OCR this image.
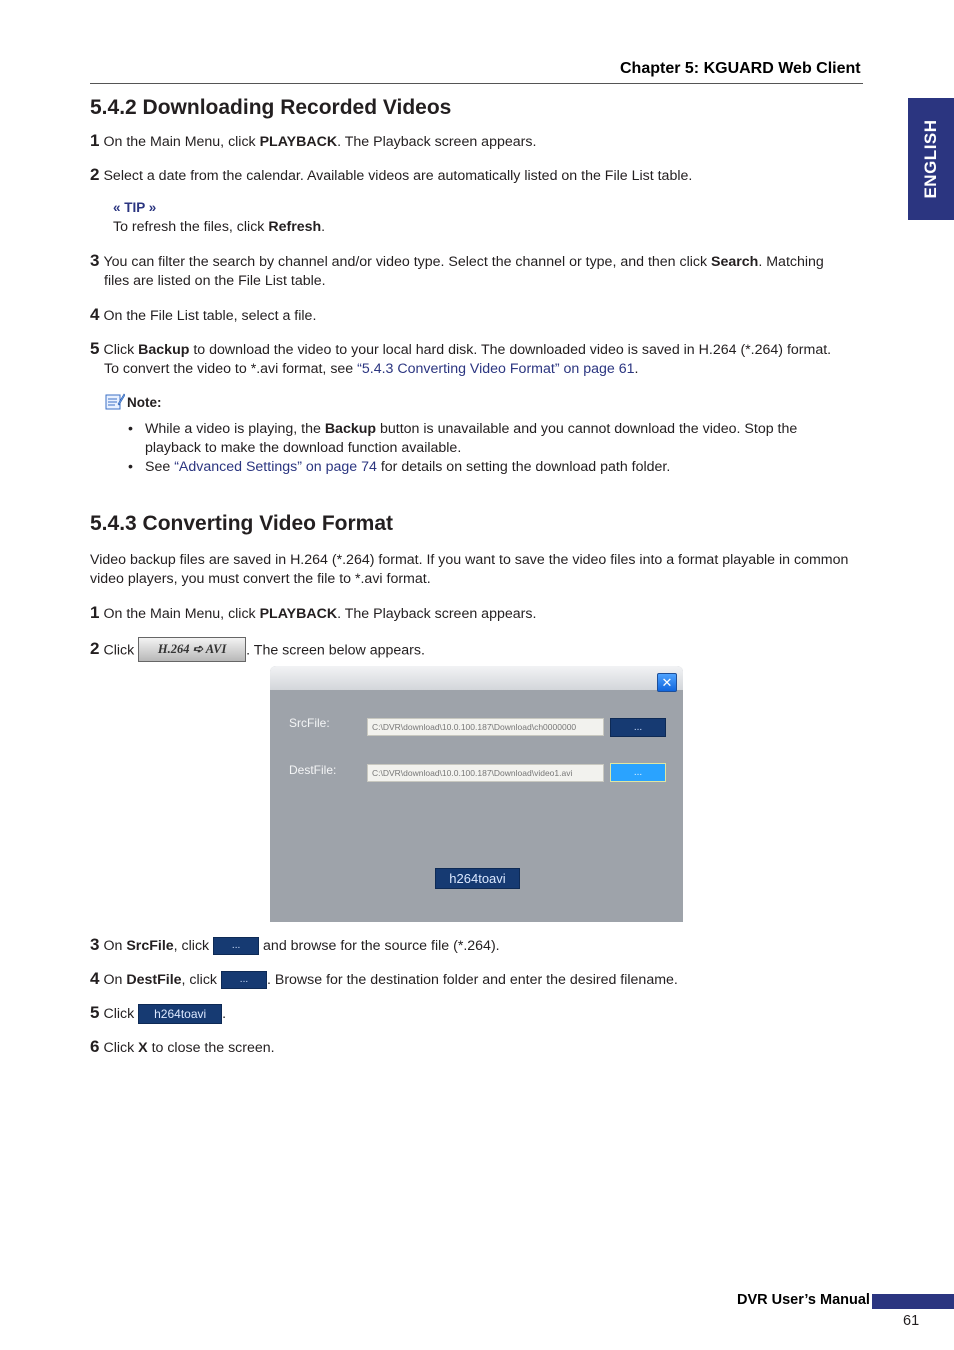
Chapter 5: KGUARD Web Client
ENGLISH
5.4.2 Downloading Recorded Videos
1 On the Main Menu, click PLAYBACK. The Playback screen appears.
2 Select a date from the calendar. Available videos are automatically listed on the File List table.
« TIP »
To refresh the files, click Refresh.
3 You can filter the search by channel and/or video type. Select the channel or type, and then click Search. Matching
files are listed on the File List table.
4 On the File List table, select a file.
5 Click Backup to download the video to your local hard disk. The downloaded video is saved in H.264 (*.264) format.
To convert the video to *.avi format, see “5.4.3 Converting Video Format” on page 61.
Note:
• While a video is playing, the Backup button is unavailable and you cannot download the video. Stop the playback to make the download function available.
• See “Advanced Settings” on page 74 for details on setting the download path folder.
5.4.3 Converting Video Format
Video backup files are saved in H.264 (*.264) format. If you want to save the video files into a format playable in common video players, you must convert the file to *.avi format.
1 On the Main Menu, click PLAYBACK. The Playback screen appears.
2 Click H.264 ➪ AVI . The screen below appears.
✕
SrcFile:	C:\DVR\download\10.0.100.187\Download\ch0000000	...
DestFile:	C:\DVR\download\10.0.100.187\Download\video1.avi	...
h264toavi
3 On SrcFile, click ... and browse for the source file (*.264).
4 On DestFile, click ... . Browse for the destination folder and enter the desired filename.
5 Click h264toavi .
6 Click X to close the screen.
DVR User’s Manual
61
